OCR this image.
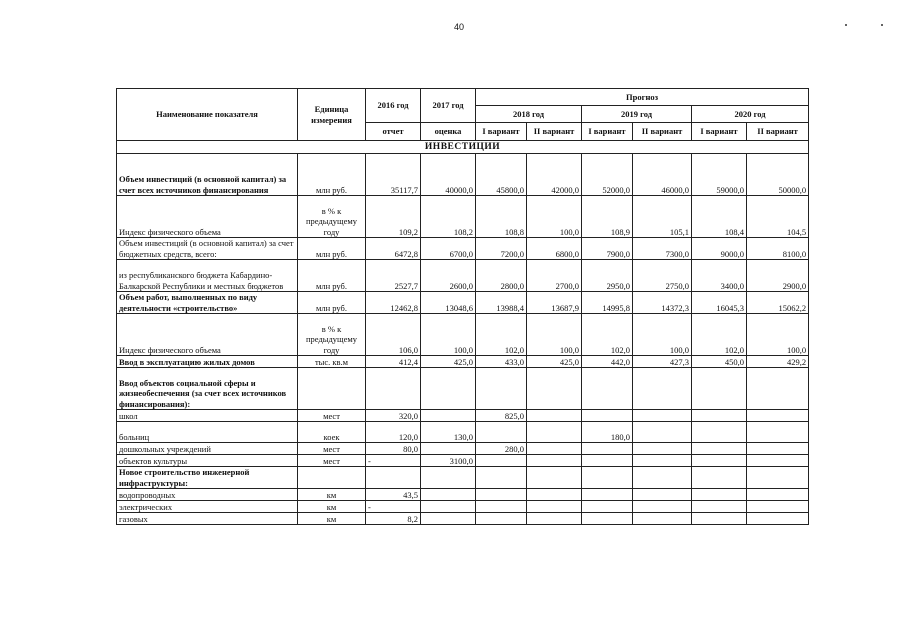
40
Наименование показателя	Единица измерения	2016 год	2017 год	Прогноз					
				2018 год		2019 год		2020 год	
		отчет	оценка	I вариант	II вариант	I вариант	II вариант	I вариант	II вариант
ИНВЕСТИЦИИ									
Объем инвестиций (в основной капитал) за счет всех источников финансирования	млн руб.	35117,7	40000,0	45800,0	42000,0	52000,0	46000,0	59000,0	50000,0
Индекс физического объема	в % к предыдущему году	109,2	108,2	108,8	100,0	108,9	105,1	108,4	104,5
Объем инвестиций (в основной капитал) за счет бюджетных средств, всего:	млн руб.	6472,8	6700,0	7200,0	6800,0	7900,0	7300,0	9000,0	8100,0
из республиканского бюджета Кабардино-Балкарской Республики и местных бюджетов	млн руб.	2527,7	2600,0	2800,0	2700,0	2950,0	2750,0	3400,0	2900,0
Объем работ, выполненных по виду деятельности «строительство»	млн руб.	12462,8	13048,6	13988,4	13687,9	14995,8	14372,3	16045,3	15062,2
Индекс физического объема	в % к предыдущему году	106,0	100,0	102,0	100,0	102,0	100,0	102,0	100,0
Ввод в эксплуатацию жилых домов	тыс. кв.м	412,4	425,0	433,0	425,0	442,0	427,3	450,0	429,2
Ввод объектов социальной сферы и жизнеобеспечения (за счет всех источников финансирования):									
школ	мест	320,0		825,0					
больниц	коек	120,0	130,0			180,0			
дошкольных учреждений	мест	80,0		280,0					
объектов культуры	мест	-	3100,0						
Новое строительство инженерной инфраструктуры:									
водопроводных	км	43,5							
электрических	км	-							
газовых	км	8,2							
